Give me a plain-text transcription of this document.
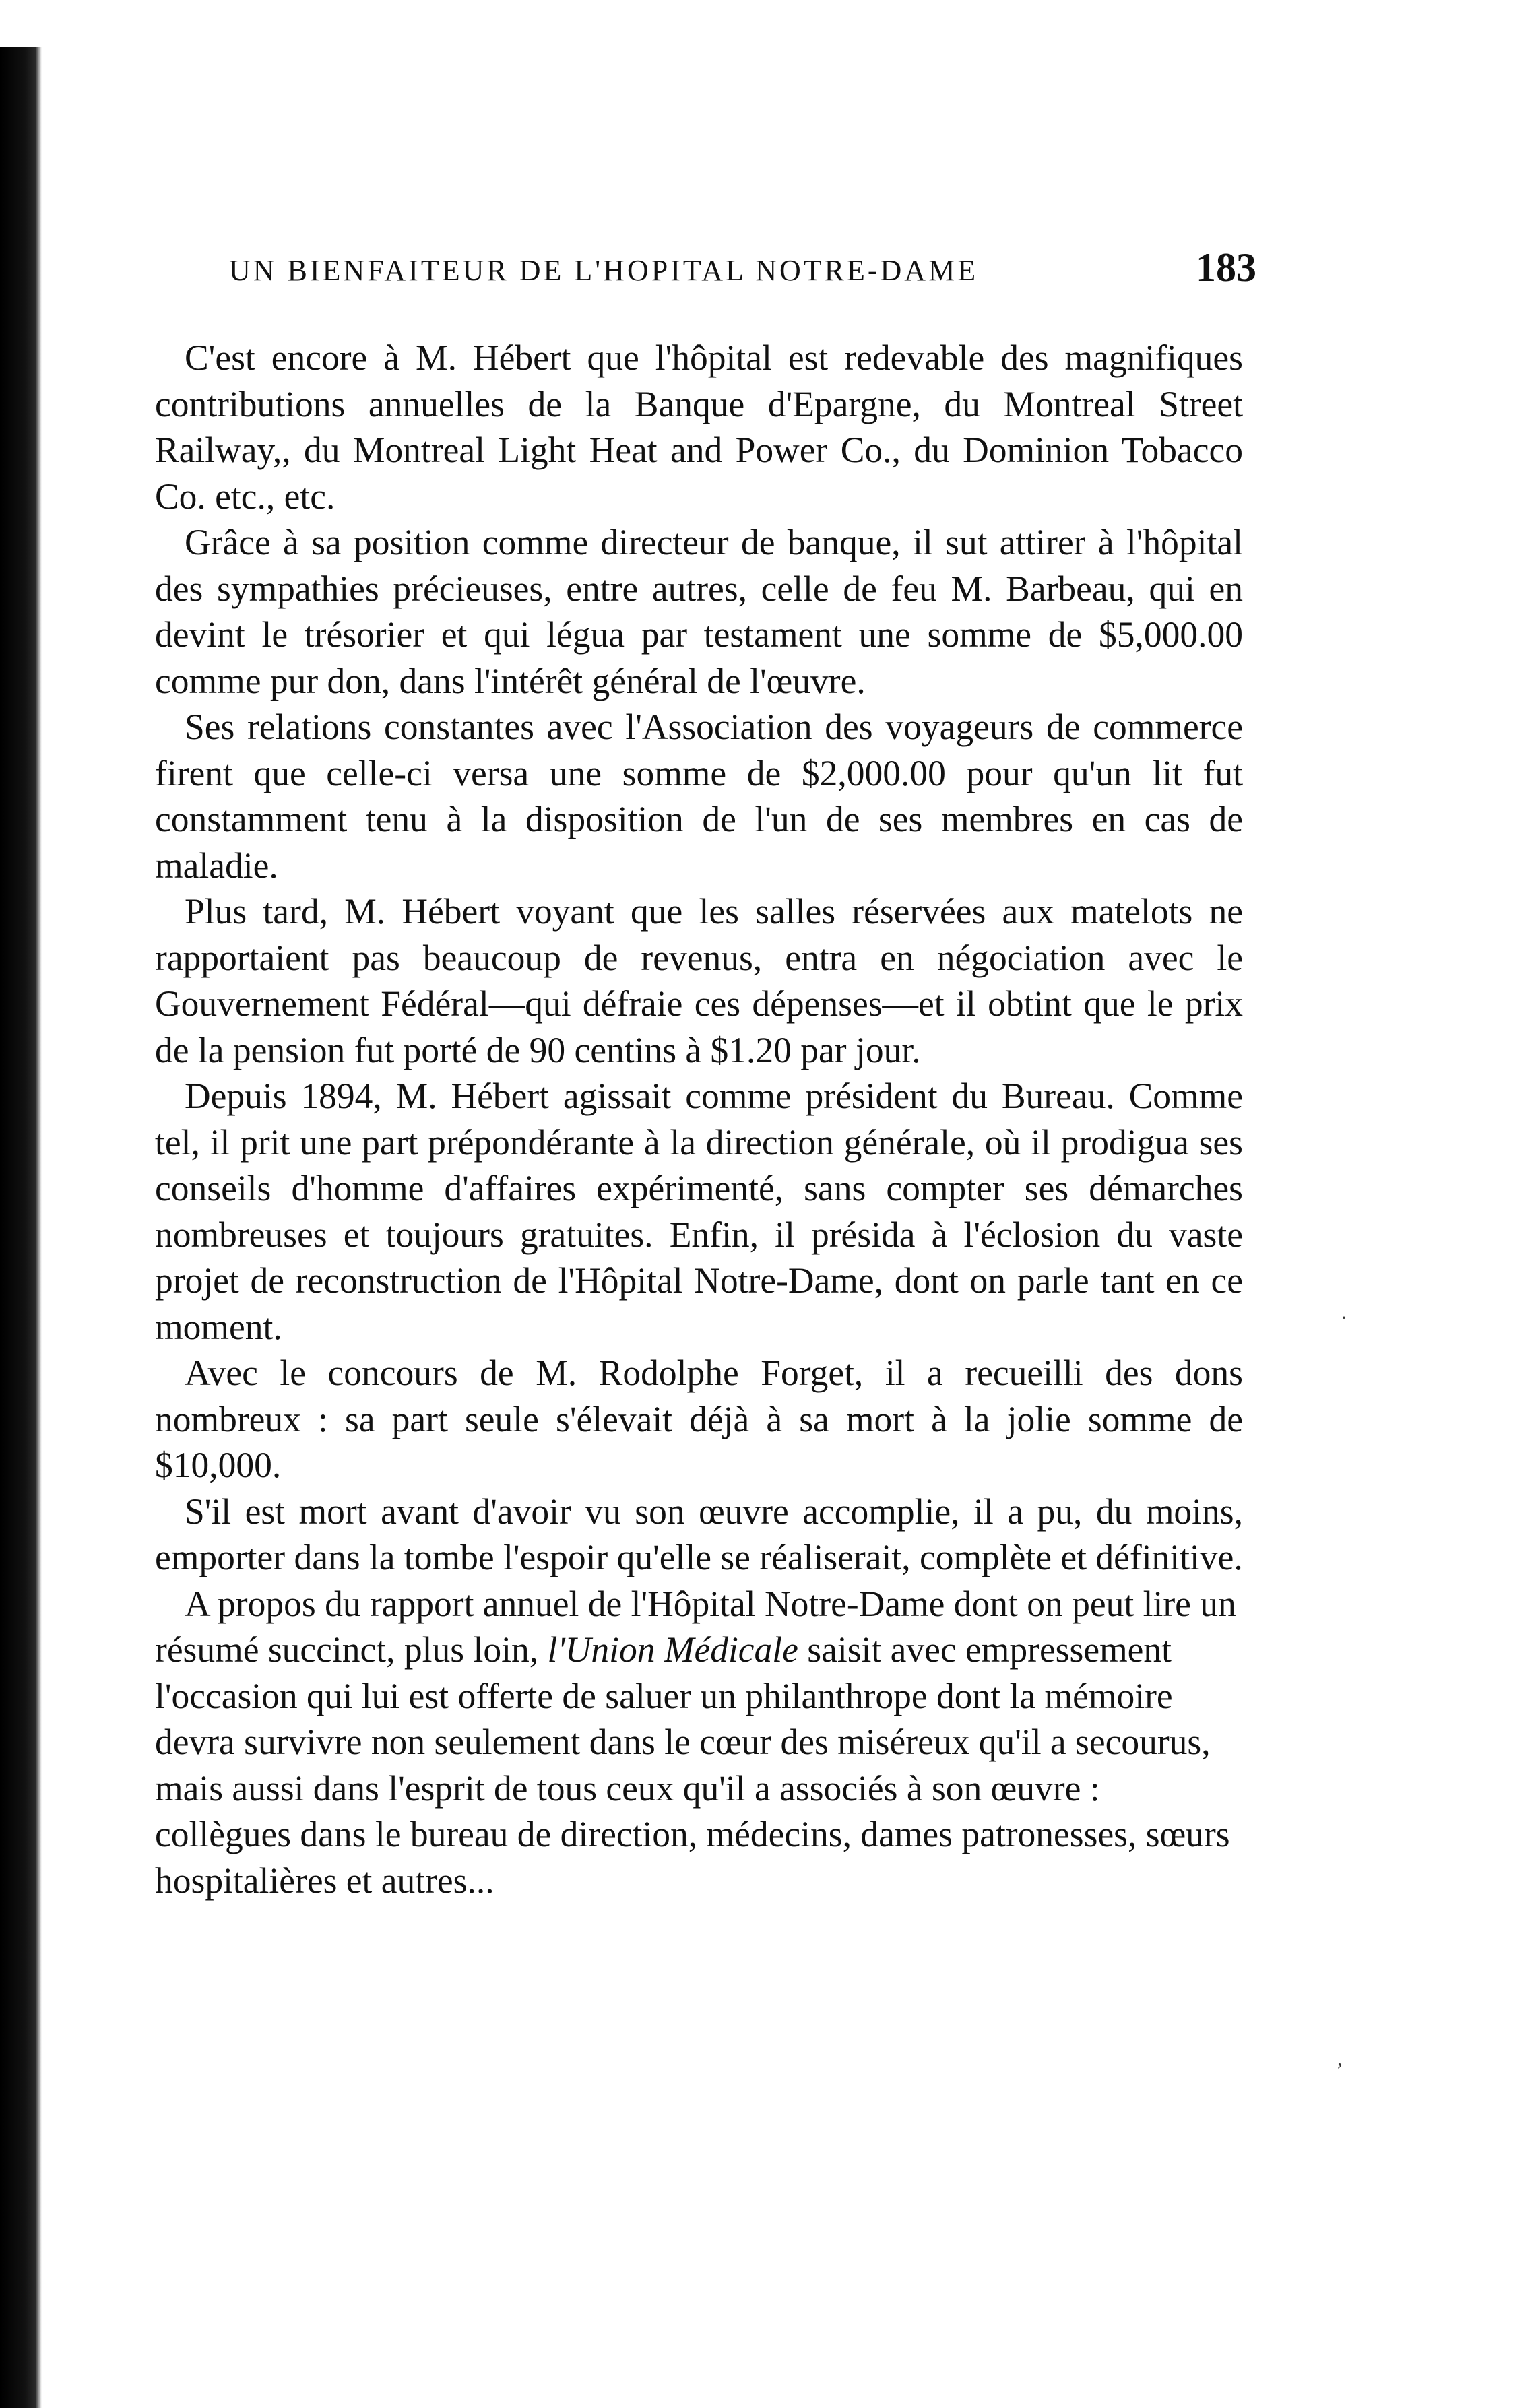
UN BIENFAITEUR DE L'HOPITAL NOTRE-DAME	183

C'est encore à M. Hébert que l'hôpital est redevable des magnifiques contributions annuelles de la Banque d'Epargne, du Montreal Street Railway,, du Montreal Light Heat and Power Co., du Dominion Tobacco Co. etc., etc.

Grâce à sa position comme directeur de banque, il sut attirer à l'hôpital des sympathies précieuses, entre autres, celle de feu M. Barbeau, qui en devint le trésorier et qui légua par testament une somme de $5,000.00 comme pur don, dans l'intérêt général de l'œuvre.

Ses relations constantes avec l'Association des voyageurs de commerce firent que celle-ci versa une somme de $2,000.00 pour qu'un lit fut constamment tenu à la disposition de l'un de ses membres en cas de maladie.

Plus tard, M. Hébert voyant que les salles réservées aux matelots ne rapportaient pas beaucoup de revenus, entra en négociation avec le Gouvernement Fédéral—qui défraie ces dépenses—et il obtint que le prix de la pension fut porté de 90 centins à $1.20 par jour.

Depuis 1894, M. Hébert agissait comme président du Bureau. Comme tel, il prit une part prépondérante à la direction générale, où il prodigua ses conseils d'homme d'affaires expérimenté, sans compter ses démarches nombreuses et toujours gratuites. Enfin, il présida à l'éclosion du vaste projet de reconstruction de l'Hôpital Notre-Dame, dont on parle tant en ce moment.

Avec le concours de M. Rodolphe Forget, il a recueilli des dons nombreux : sa part seule s'élevait déjà à sa mort à la jolie somme de $10,000.

S'il est mort avant d'avoir vu son œuvre accomplie, il a pu, du moins, emporter dans la tombe l'espoir qu'elle se réaliserait, complète et définitive.

A propos du rapport annuel de l'Hôpital Notre-Dame dont on peut lire un résumé succinct, plus loin, l'Union Médicale saisit avec empressement l'occasion qui lui est offerte de saluer un philanthrope dont la mémoire devra survivre non seulement dans le cœur des miséreux qu'il a secourus, mais aussi dans l'esprit de tous ceux qu'il a associés à son œuvre : collègues dans le bureau de direction, médecins, dames patronesses, sœurs hospitalières et autres...

·
,
